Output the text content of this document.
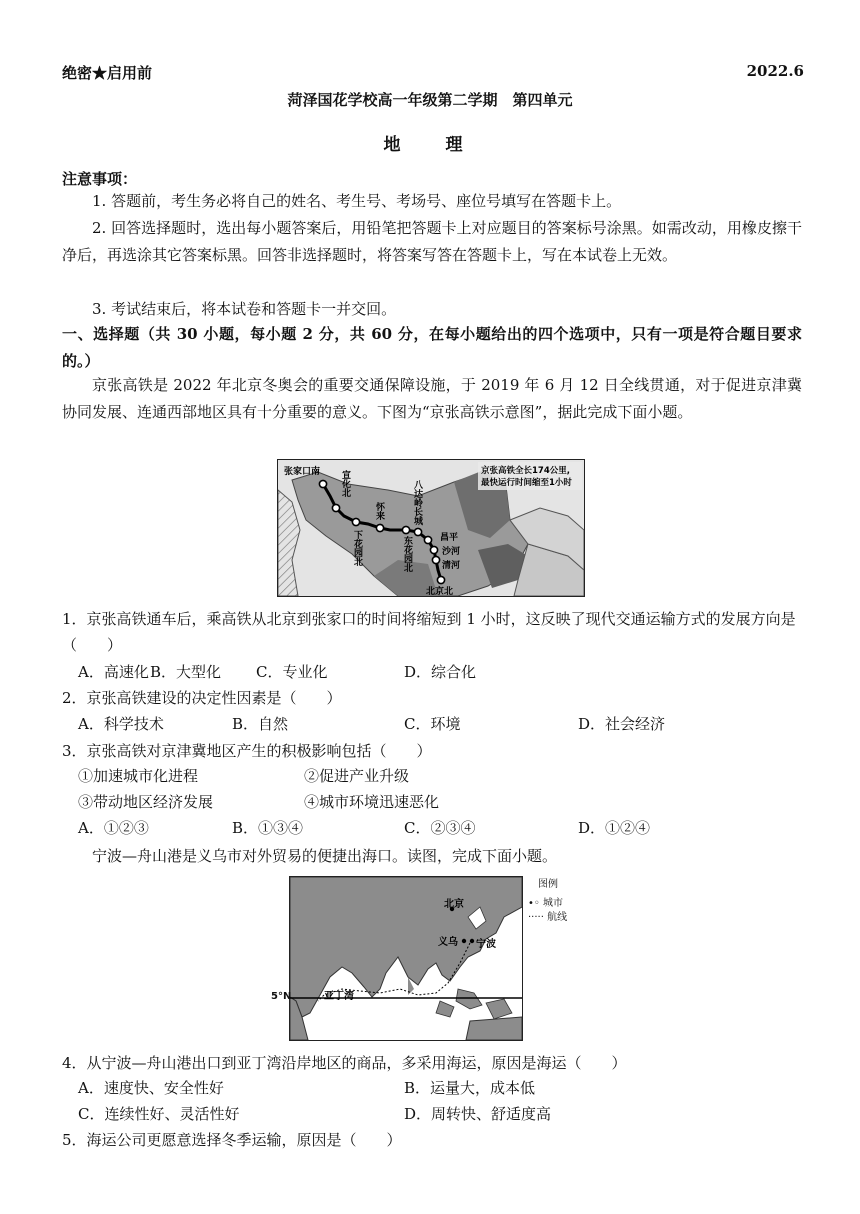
绝密★启用前	2022.6
菏泽国花学校高一年级第二学期　第四单元
地　理
注意事项：
1. 答题前，考生务必将自己的姓名、考生号、考场号、座位号填写在答题卡上。
2. 回答选择题时，选出每小题答案后，用铅笔把答题卡上对应题目的答案标号涂黑。如需改动，用橡皮擦干净后，再选涂其它答案标黑。回答非选择题时，将答案写答在答题卡上，写在本试卷上无效。
3. 考试结束后，将本试卷和答题卡一并交回。
一、选择题（共 30 小题，每小题 2 分，共 60 分，在每小题给出的四个选项中，只有一项是符合题目要求的。）
京张高铁是 2022 年北京冬奥会的重要交通保障设施，于 2019 年 6 月 12 日全线贯通，对于促进京津冀协同发展、连通西部地区具有十分重要的意义。下图为“京张高铁示意图”，据此完成下面小题。
京张高铁全长174公里,
最快运行时间缩至1小时
张家口南 宣化北
下花园北
怀来
东花园北
八达岭长城
昌平
沙河
清河
北京北
1．京张高铁通车后，乘高铁从北京到张家口的时间将缩短到 1 小时，这反映了现代交通运输方式的发展方向是（　　）
A．高速化 B．大型化 C．专业化	D．综合化
2．京张高铁建设的决定性因素是（　　）
A．科学技术	B．自然	C．环境	D．社会经济
3．京张高铁对京津冀地区产生的积极影响包括（　　）
①加速城市化进程	②促进产业升级
③带动地区经济发展	④城市环境迅速恶化
A．①②③	B．①③④	C．②③④	D．①②④
宁波—舟山港是义乌市对外贸易的便捷出海口。读图，完成下面小题。
北京
义乌 宁波
亚丁湾
5°N
图例
•◦ 城市
····· 航线
4．从宁波—舟山港出口到亚丁湾沿岸地区的商品，多采用海运，原因是海运（　　）
A．速度快、安全性好	B．运量大，成本低
C．连续性好、灵活性好	D．周转快、舒适度高
5．海运公司更愿意选择冬季运输，原因是（　　）
